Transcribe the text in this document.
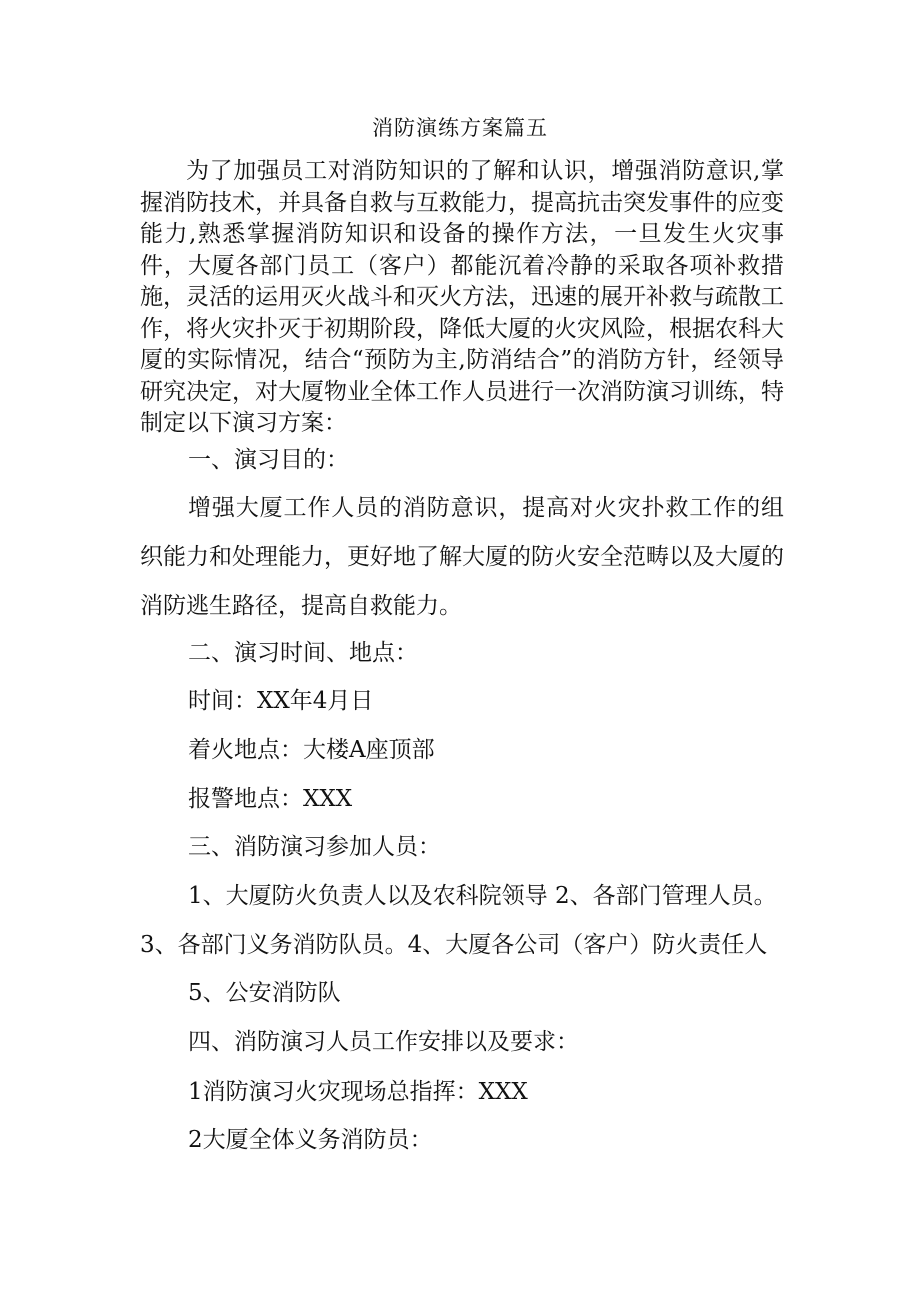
消防演练方案篇五

为了加强员工对消防知识的了解和认识，增强消防意识,掌握消防技术，并具备自救与互救能力，提高抗击突发事件的应变能力,熟悉掌握消防知识和设备的操作方法，一旦发生火灾事件，大厦各部门员工（客户）都能沉着冷静的采取各项补救措施，灵活的运用灭火战斗和灭火方法，迅速的展开补救与疏散工作，将火灾扑灭于初期阶段，降低大厦的火灾风险，根据农科大厦的实际情况，结合“预防为主,防消结合”的消防方针，经领导研究决定，对大厦物业全体工作人员进行一次消防演习训练，特制定以下演习方案：

一、演习目的：

增强大厦工作人员的消防意识，提高对火灾扑救工作的组织能力和处理能力，更好地了解大厦的防火安全范畴以及大厦的消防逃生路径，提高自救能力。

二、演习时间、地点：

时间：XX年4月日

着火地点：大楼A座顶部

报警地点：XXX

三、消防演习参加人员：

1、大厦防火负责人以及农科院领导 2、各部门管理人员。

3、各部门义务消防队员。4、大厦各公司（客户）防火责任人

5、公安消防队

四、消防演习人员工作安排以及要求：

1消防演习火灾现场总指挥：XXX

2大厦全体义务消防员：
